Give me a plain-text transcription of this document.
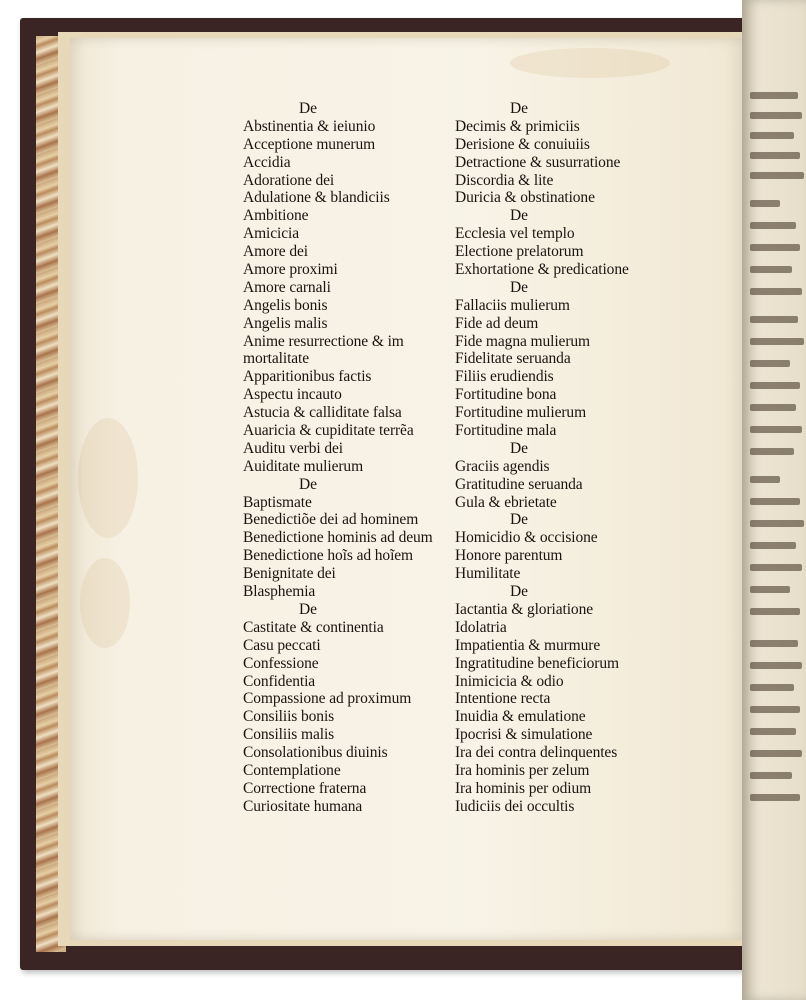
De
Abstinentia & ieiunio
Acceptione munerum
Accidia
Adoratione dei
Adulatione & blandiciis
Ambitione
Amicicia
Amore dei
Amore proximi
Amore carnali
Angelis bonis
Angelis malis
Anime resurrectione & im
mortalitate
Apparitionibus factis
Aspectu incauto
Astucia & calliditate falsa
Auaricia & cupiditate terrẽa
Auditu verbi dei
Auiditate mulierum
De
Baptismate
Benedictiõe dei ad hominem
Benedictione hominis ad deum
Benedictione hoĩs ad hoĩem
Benignitate dei
Blasphemia
De
Castitate & continentia
Casu peccati
Confessione
Confidentia
Compassione ad proximum
Consiliis bonis
Consiliis malis
Consolationibus diuinis
Contemplatione
Correctione fraterna
Curiositate humana
De
Decimis & primiciis
Derisione & conuiuiis
Detractione & susurratione
Discordia & lite
Duricia & obstinatione
De
Ecclesia vel templo
Electione prelatorum
Exhortatione & predicatione
De
Fallaciis mulierum
Fide ad deum
Fide magna mulierum
Fidelitate seruanda
Filiis erudiendis
Fortitudine bona
Fortitudine mulierum
Fortitudine mala
De
Graciis agendis
Gratitudine seruanda
Gula & ebrietate
De
Homicidio & occisione
Honore parentum
Humilitate
De
Iactantia & gloriatione
Idolatria
Impatientia & murmure
Ingratitudine beneficiorum
Inimicicia & odio
Intentione recta
Inuidia & emulatione
Ipocrisi & simulatione
Ira dei contra delinquentes
Ira hominis per zelum
Ira hominis per odium
Iudiciis dei occultis
